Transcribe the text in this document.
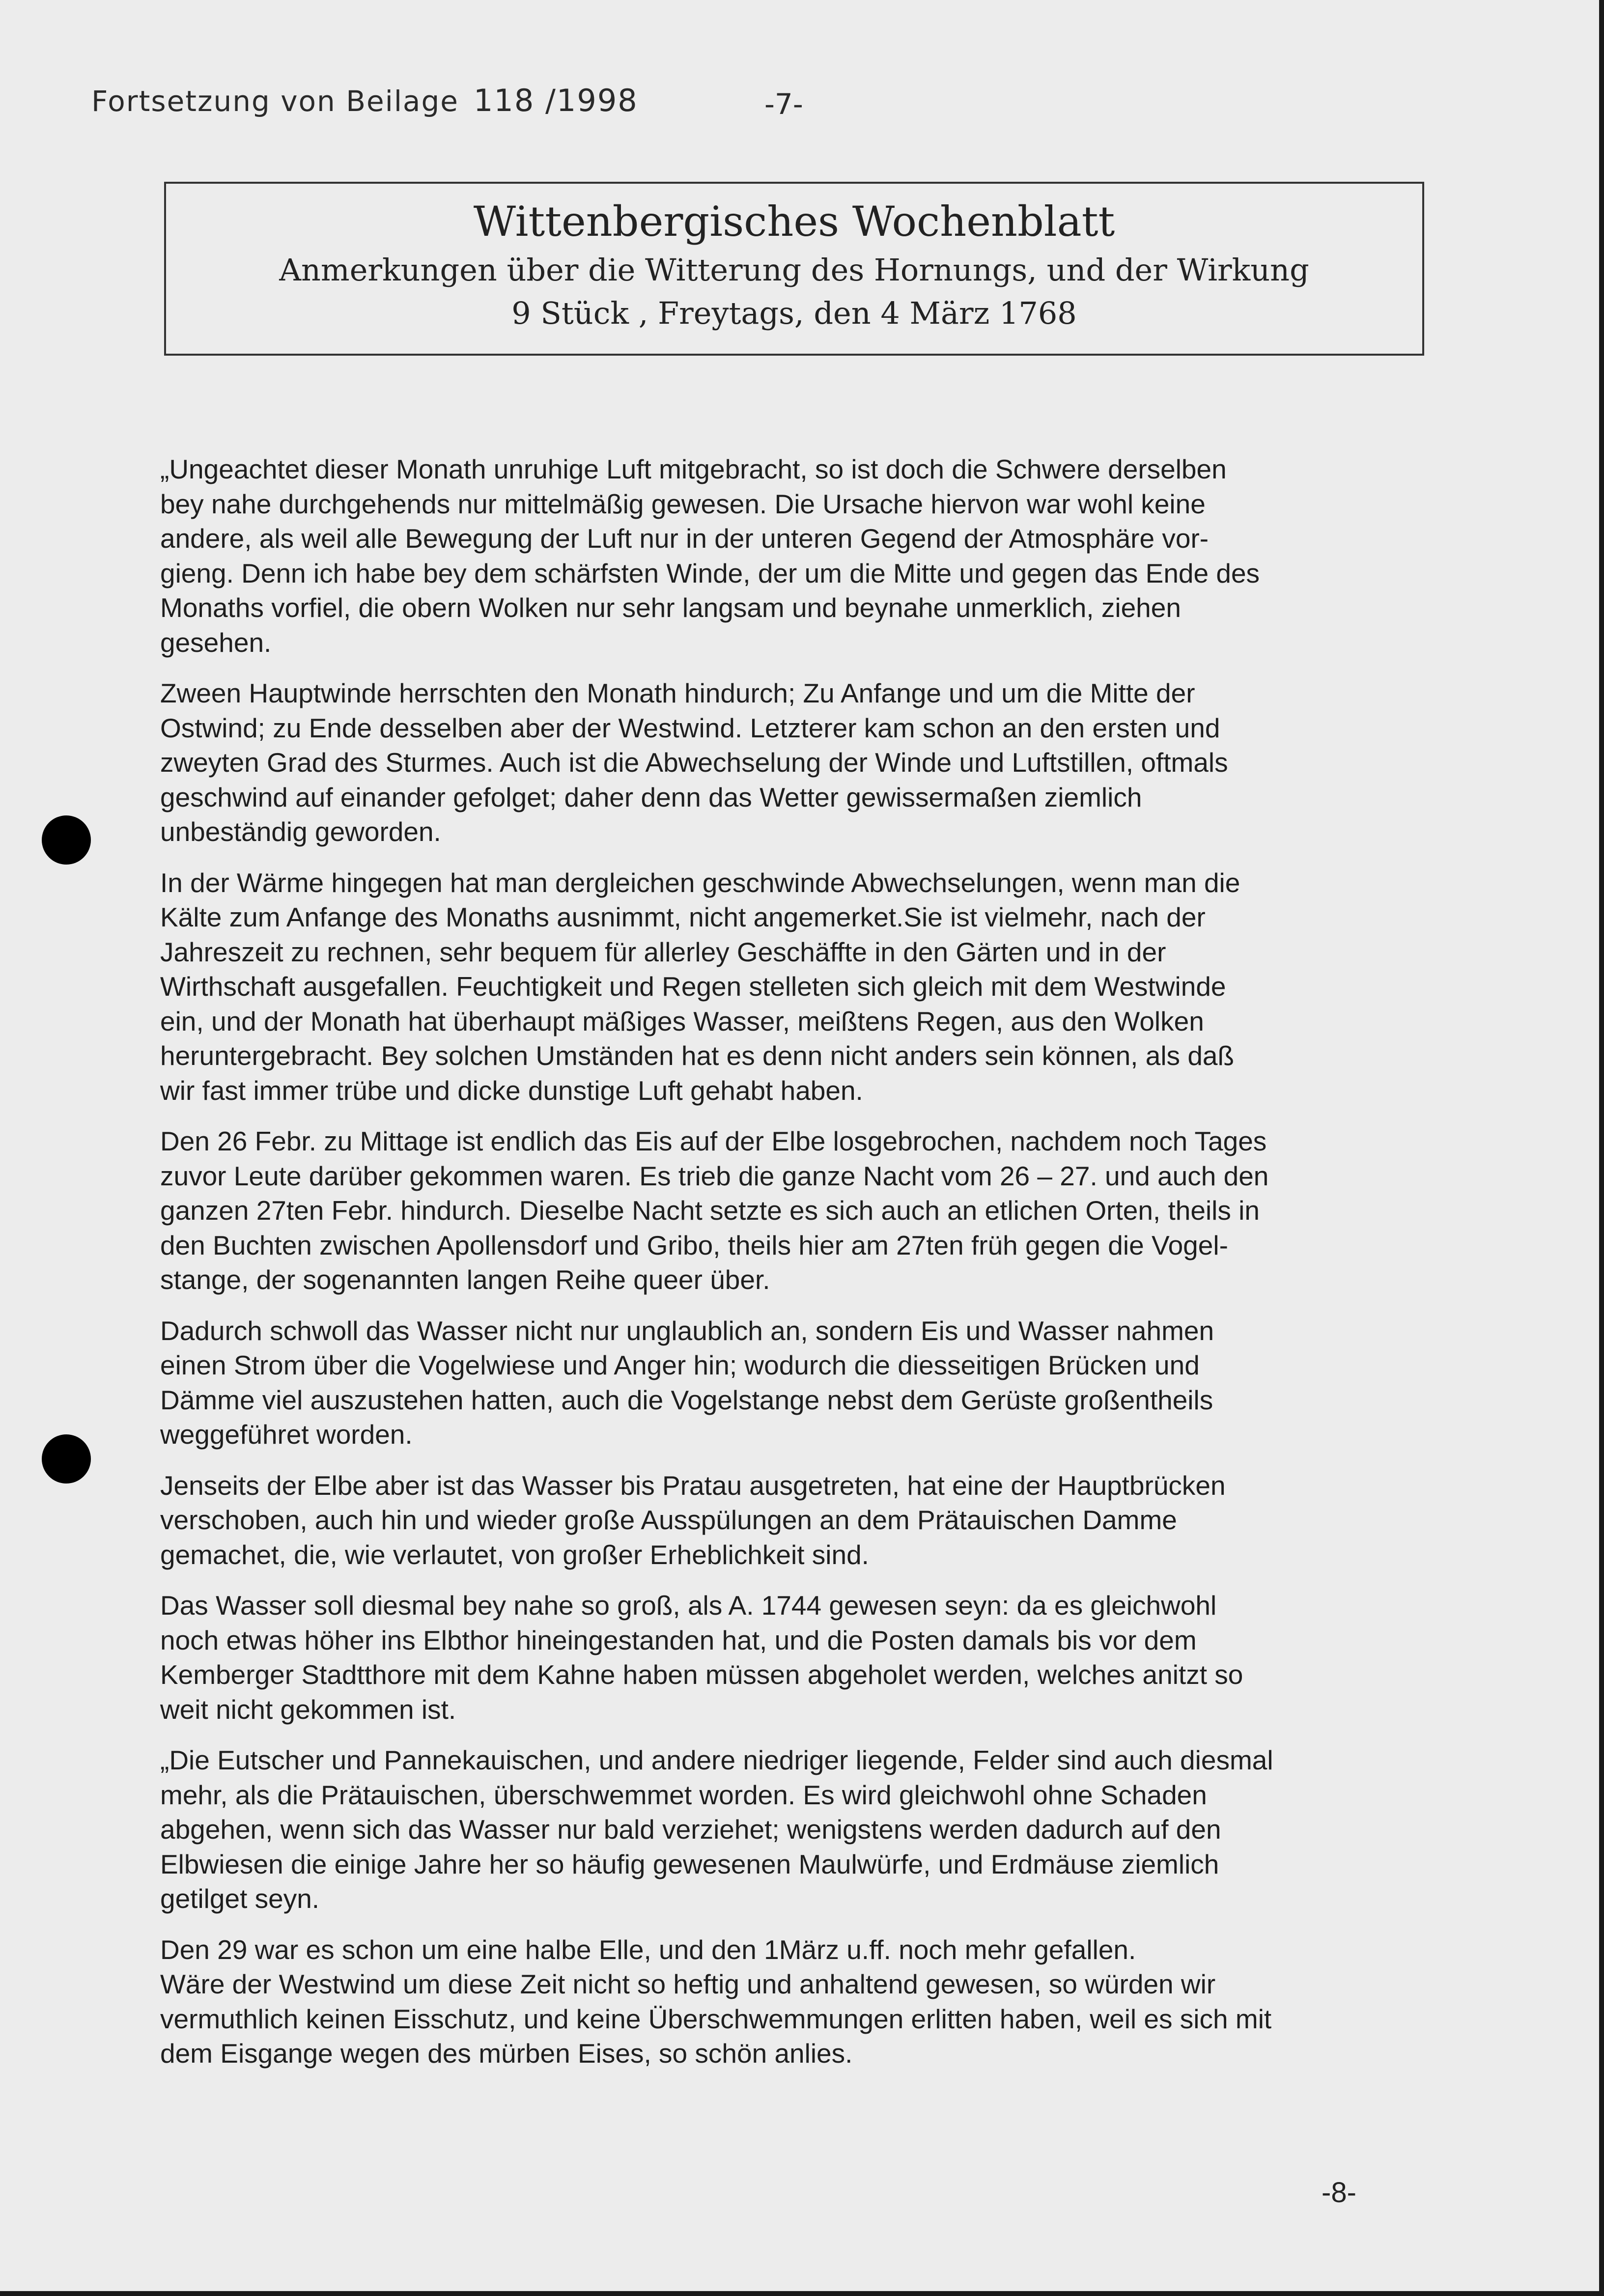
Fortsetzung von Beilage 118 /1998	-7-
Wittenbergisches Wochenblatt
Anmerkungen über die Witterung des Hornungs, und der Wirkung
9 Stück , Freytags, den 4 März 1768

„Ungeachtet dieser Monath unruhige Luft mitgebracht, so ist doch die Schwere derselben
bey nahe durchgehends nur mittelmäßig gewesen. Die Ursache hiervon war wohl keine
andere, als weil alle Bewegung der Luft nur in der unteren Gegend der Atmosphäre vor-
gieng. Denn ich habe bey dem schärfsten Winde, der um die Mitte und gegen das Ende des
Monaths vorfiel, die obern Wolken nur sehr langsam und beynahe unmerklich, ziehen
gesehen.

Zween Hauptwinde herrschten den Monath hindurch; Zu Anfange und um die Mitte der
Ostwind; zu Ende desselben aber der Westwind. Letzterer kam schon an den ersten und
zweyten Grad des Sturmes. Auch ist die Abwechselung der Winde und Luftstillen, oftmals
geschwind auf einander gefolget; daher denn das Wetter gewissermaßen ziemlich
unbeständig geworden.

In der Wärme hingegen hat man dergleichen geschwinde Abwechselungen, wenn man die
Kälte zum Anfange des Monaths ausnimmt, nicht angemerket.Sie ist vielmehr, nach der
Jahreszeit zu rechnen, sehr bequem für allerley Geschäffte in den Gärten und in der
Wirthschaft ausgefallen. Feuchtigkeit und Regen stelleten sich gleich mit dem Westwinde
ein, und der Monath hat überhaupt mäßiges Wasser, meißtens Regen, aus den Wolken
heruntergebracht. Bey solchen Umständen hat es denn nicht anders sein können, als daß
wir fast immer trübe und dicke dunstige Luft gehabt haben.

Den 26 Febr. zu Mittage ist endlich das Eis auf der Elbe losgebrochen, nachdem noch Tages
zuvor Leute darüber gekommen waren. Es trieb die ganze Nacht vom 26 – 27. und auch den
ganzen 27ten Febr. hindurch. Dieselbe Nacht setzte es sich auch an etlichen Orten, theils in
den Buchten zwischen Apollensdorf und Gribo, theils hier am 27ten früh gegen die Vogel-
stange, der sogenannten langen Reihe queer über.

Dadurch schwoll das Wasser nicht nur unglaublich an, sondern Eis und Wasser nahmen
einen Strom über die Vogelwiese und Anger hin; wodurch die diesseitigen Brücken und
Dämme viel auszustehen hatten, auch die Vogelstange nebst dem Gerüste großentheils
weggeführet worden.

Jenseits der Elbe aber ist das Wasser bis Pratau ausgetreten, hat eine der Hauptbrücken
verschoben, auch hin und wieder große Ausspülungen an dem Prätauischen Damme
gemachet, die, wie verlautet, von großer Erheblichkeit sind.

Das Wasser soll diesmal bey nahe so groß, als A. 1744 gewesen seyn: da es gleichwohl
noch etwas höher ins Elbthor hineingestanden hat, und die Posten damals bis vor dem
Kemberger Stadtthore mit dem Kahne haben müssen abgeholet werden, welches anitzt so
weit nicht gekommen ist.

„Die Eutscher und Pannekauischen, und andere niedriger liegende, Felder sind auch diesmal
mehr, als die Prätauischen, überschwemmet worden. Es wird gleichwohl ohne Schaden
abgehen, wenn sich das Wasser nur bald verziehet; wenigstens werden dadurch auf den
Elbwiesen die einige Jahre her so häufig gewesenen Maulwürfe, und Erdmäuse ziemlich
getilget seyn.

Den 29 war es schon um eine halbe Elle, und den 1März u.ff. noch mehr gefallen.
Wäre der Westwind um diese Zeit nicht so heftig und anhaltend gewesen, so würden wir
vermuthlich keinen Eisschutz, und keine Überschwemmungen erlitten haben, weil es sich mit
dem Eisgange wegen des mürben Eises, so schön anlies.

-8-
